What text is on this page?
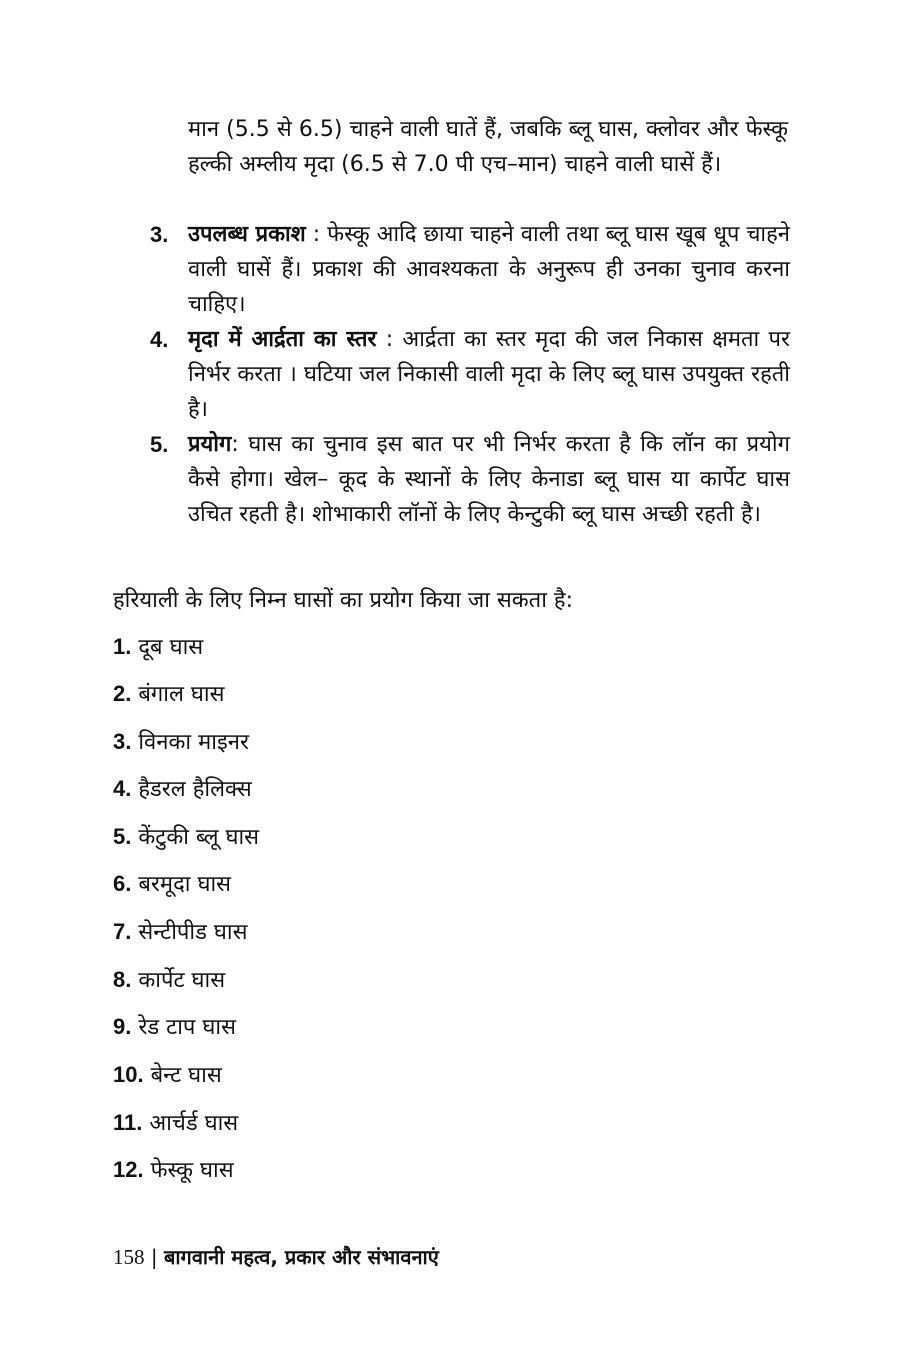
मान (5.5 से 6.5) चाहने वाली घातें हैं, जबकि ब्लू घास, क्लोवर और फेस्कू हल्की अम्लीय मृदा (6.5 से 7.0 पी एच–मान) चाहने वाली घासें हैं।

3. उपलब्ध प्रकाश : फेस्कू आदि छाया चाहने वाली तथा ब्लू घास खूब धूप चाहने वाली घासें हैं। प्रकाश की आवश्यकता के अनुरूप ही उनका चुनाव करना चाहिए।
4. मृदा में आर्द्रता का स्तर : आर्द्रता का स्तर मृदा की जल निकास क्षमता पर निर्भर करता । घटिया जल निकासी वाली मृदा के लिए ब्लू घास उपयुक्त रहती है।
5. प्रयोग: घास का चुनाव इस बात पर भी निर्भर करता है कि लॉन का प्रयोग कैसे होगा। खेल– कूद के स्थानों के लिए केनाडा ब्लू घास या कार्पेट घास उचित रहती है। शोभाकारी लॉनों के लिए केन्टुकी ब्लू घास अच्छी रहती है।

हरियाली के लिए निम्न घासों का प्रयोग किया जा सकता है:

1. दूब घास
2. बंगाल घास
3. विनका माइनर
4. हैडरल हैलिक्स
5. केंटुकी ब्लू घास
6. बरमूदा घास
7. सेन्टीपीड घास
8. कार्पेट घास
9. रेड टाप घास
10. बेन्ट घास
11. आर्चर्ड घास
12. फेस्कू घास
158 | बागवानी महत्व, प्रकार और संभावनाएं
